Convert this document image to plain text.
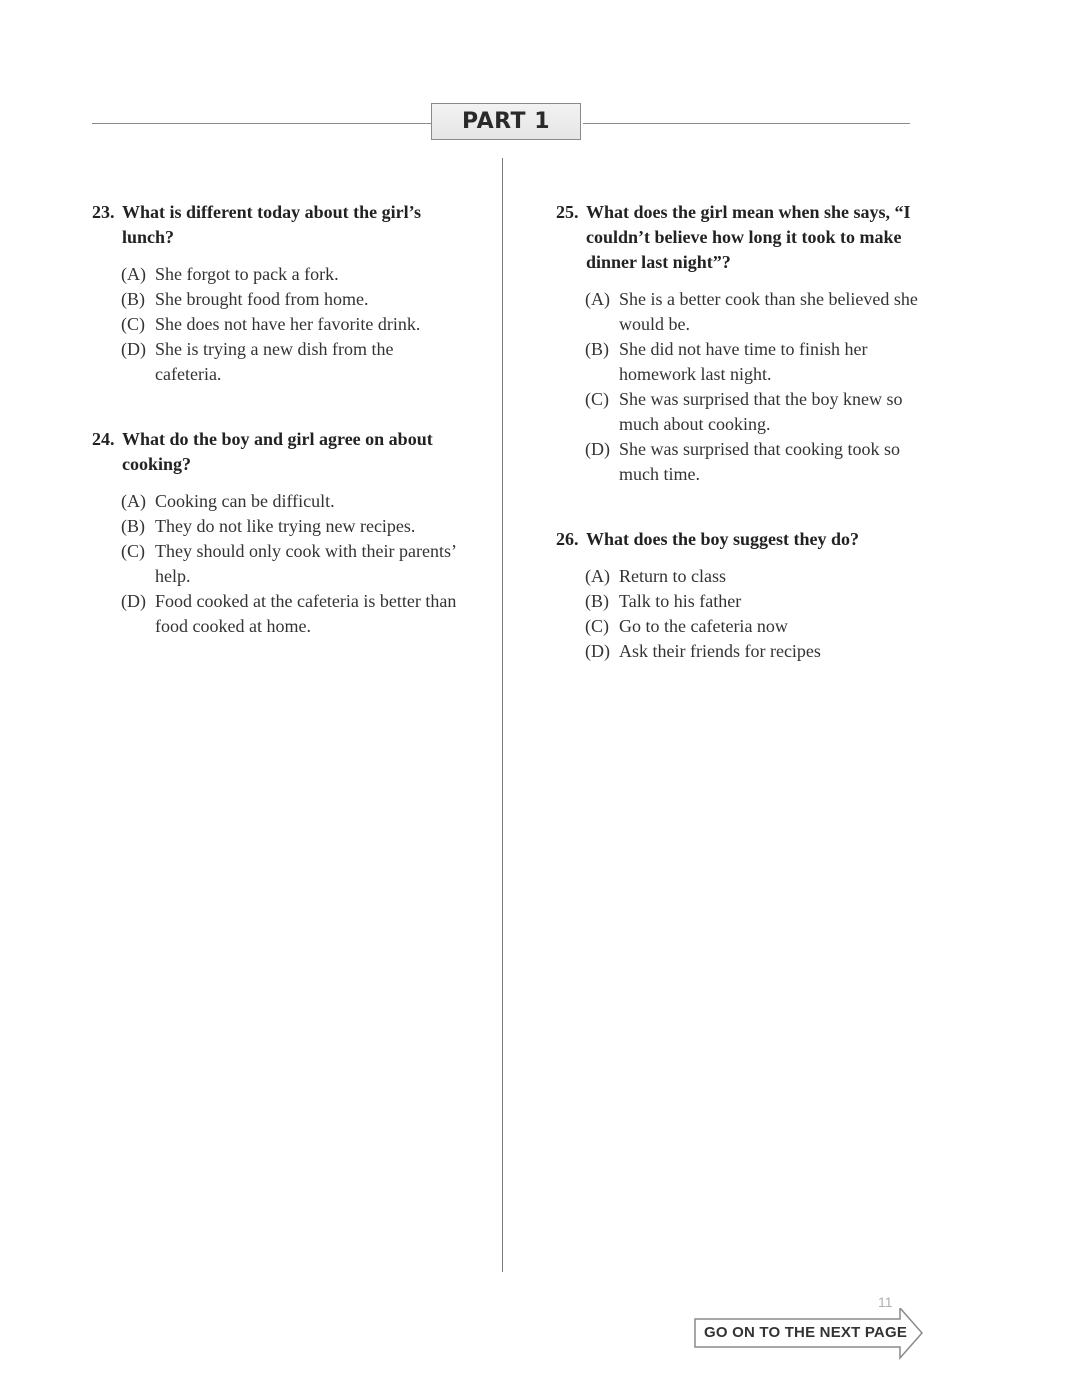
PART 1
23. What is different today about the girl’s lunch?
(A) She forgot to pack a fork.
(B) She brought food from home.
(C) She does not have her favorite drink.
(D) She is trying a new dish from the cafeteria.
24. What do the boy and girl agree on about cooking?
(A) Cooking can be difficult.
(B) They do not like trying new recipes.
(C) They should only cook with their parents’ help.
(D) Food cooked at the cafeteria is better than food cooked at home.
25. What does the girl mean when she says, “I couldn’t believe how long it took to make dinner last night”?
(A) She is a better cook than she believed she would be.
(B) She did not have time to finish her homework last night.
(C) She was surprised that the boy knew so much about cooking.
(D) She was surprised that cooking took so much time.
26. What does the boy suggest they do?
(A) Return to class
(B) Talk to his father
(C) Go to the cafeteria now
(D) Ask their friends for recipes
11
GO ON TO THE NEXT PAGE
